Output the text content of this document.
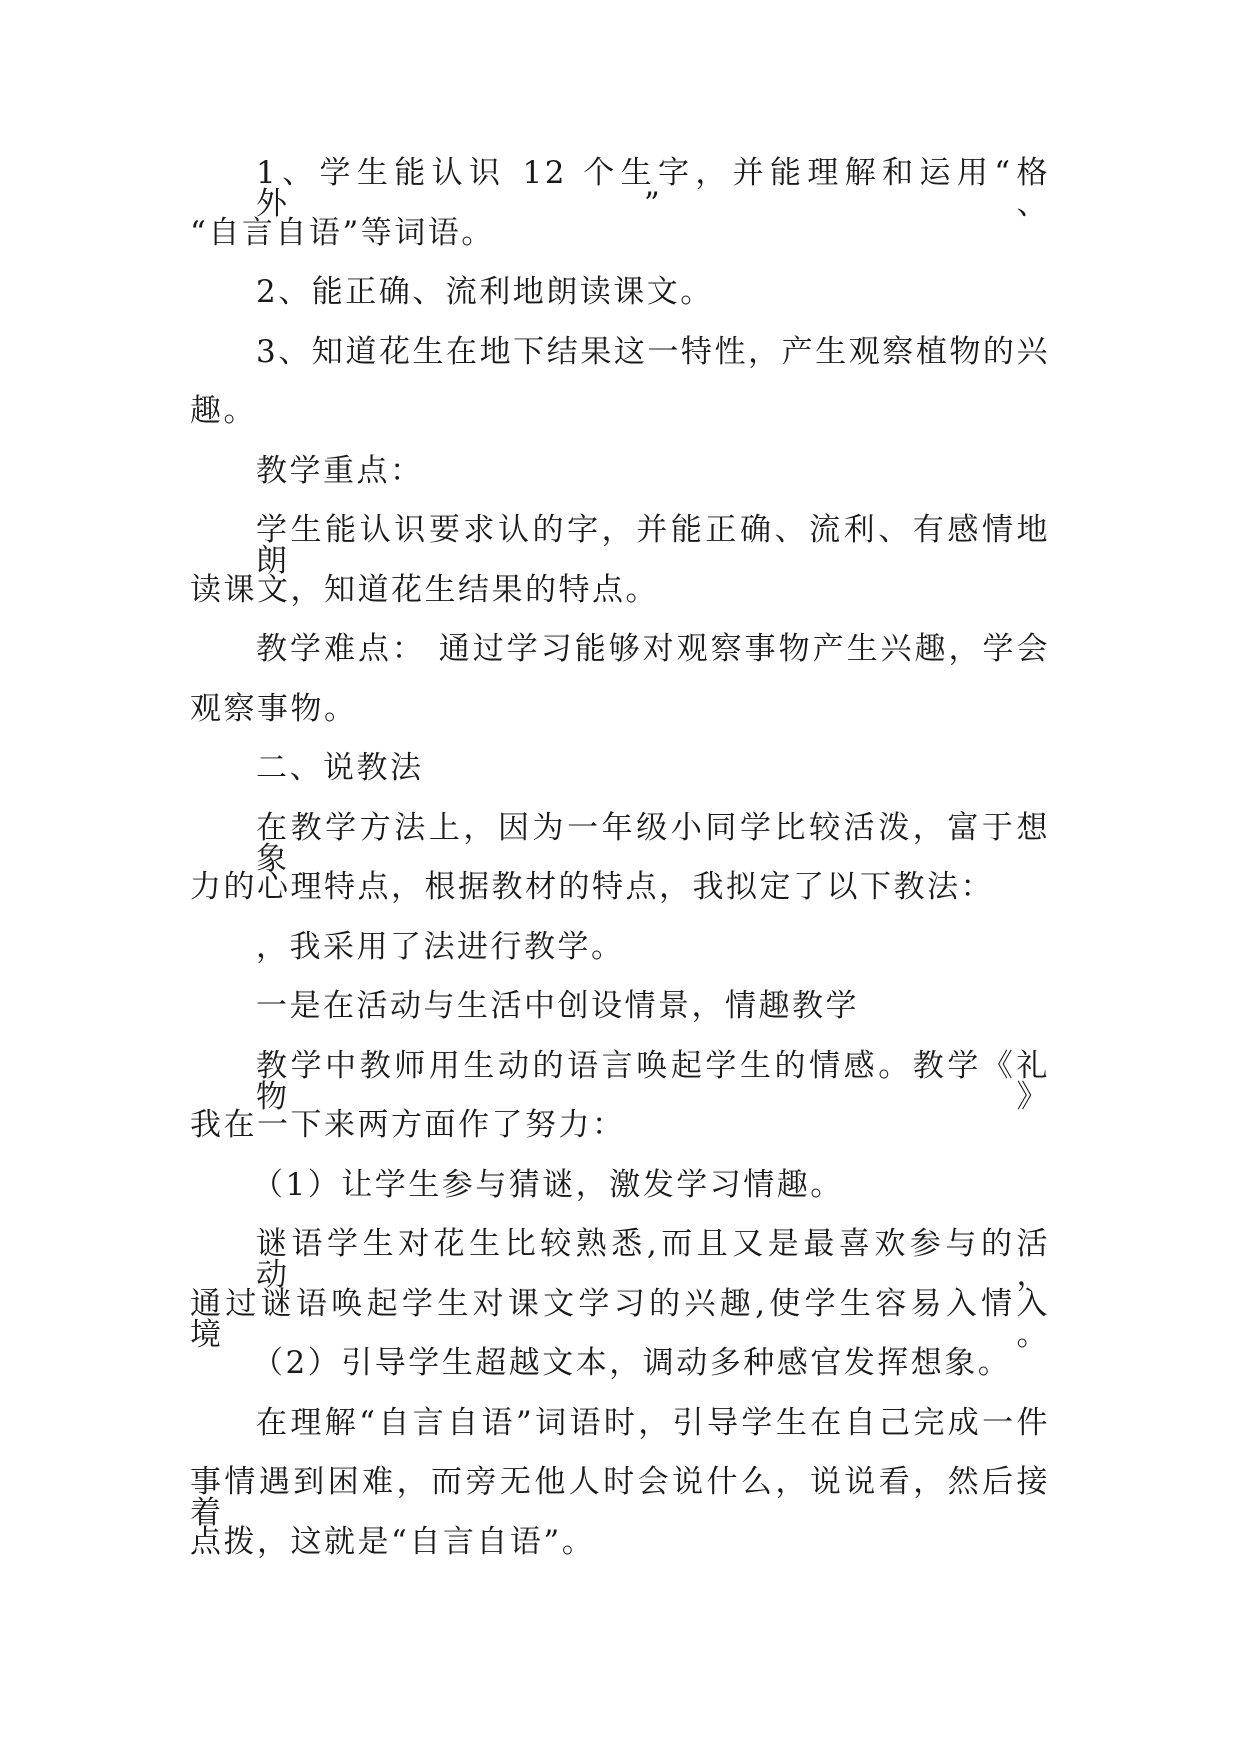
1、学生能认识 12 个生字，并能理解和运用“格外”、
“自言自语”等词语。
2、能正确、流利地朗读课文。
3、知道花生在地下结果这一特性，产生观察植物的兴
趣。
教学重点：
学生能认识要求认的字，并能正确、流利、有感情地朗
读课文，知道花生结果的特点。
教学难点： 通过学习能够对观察事物产生兴趣，学会
观察事物。
二、说教法
在教学方法上，因为一年级小同学比较活泼，富于想象
力的心理特点，根据教材的特点，我拟定了以下教法：
，我采用了法进行教学。
一是在活动与生活中创设情景，情趣教学
教学中教师用生动的语言唤起学生的情感。教学《礼物》
我在一下来两方面作了努力：
（1）让学生参与猜谜，激发学习情趣。
谜语学生对花生比较熟悉,而且又是最喜欢参与的活动，
通过谜语唤起学生对课文学习的兴趣,使学生容易入情入境。
（2）引导学生超越文本，调动多种感官发挥想象。
在理解“自言自语”词语时，引导学生在自己完成一件
事情遇到困难，而旁无他人时会说什么，说说看，然后接着
点拨，这就是“自言自语”。
